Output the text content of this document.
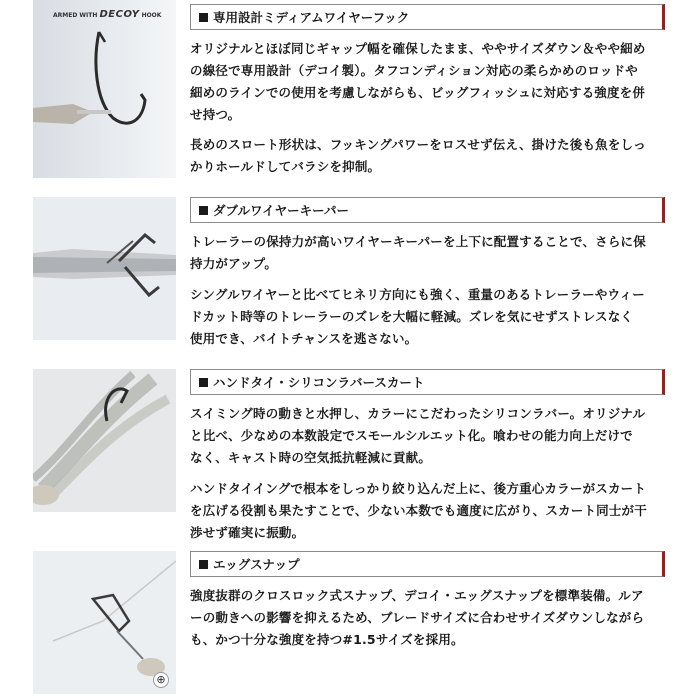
ARMED WITH DECOY HOOK	専用設計ミディアムワイヤーフック
オリジナルとほぼ同じギャップ幅を確保したまま、ややサイズダウン＆やや細め
の線径で専用設計（デコイ製）。タフコンディション対応の柔らかめのロッドや
細めのラインでの使用を考慮しながらも、ビッグフィッシュに対応する強度を併
せ持つ。
長めのスロート形状は、フッキングパワーをロスせず伝え、掛けた後も魚をしっ
かりホールドしてバラシを抑制。
ダブルワイヤーキーパー
トレーラーの保持力が高いワイヤーキーパーを上下に配置することで、さらに保
持力がアップ。
シングルワイヤーと比べてヒネリ方向にも強く、重量のあるトレーラーやウィー
ドカット時等のトレーラーのズレを大幅に軽減。ズレを気にせずストレスなく
使用でき、バイトチャンスを逃さない。
ハンドタイ・シリコンラバースカート
スイミング時の動きと水押し、カラーにこだわったシリコンラバー。オリジナル
と比べ、少なめの本数設定でスモールシルエット化。喰わせの能力向上だけで
なく、キャスト時の空気抵抗軽減に貢献。
ハンドタイイングで根本をしっかり絞り込んだ上に、後方重心カラーがスカート
を広げる役割も果たすことで、少ない本数でも適度に広がり、スカート同士が干
渉せず確実に振動。
エッグスナップ
強度抜群のクロスロック式スナップ、デコイ・エッグスナップを標準装備。ルア
ーの動きへの影響を抑えるため、ブレードサイズに合わせサイズダウンしながら
も、かつ十分な強度を持つ#1.5サイズを採用。
⊕
